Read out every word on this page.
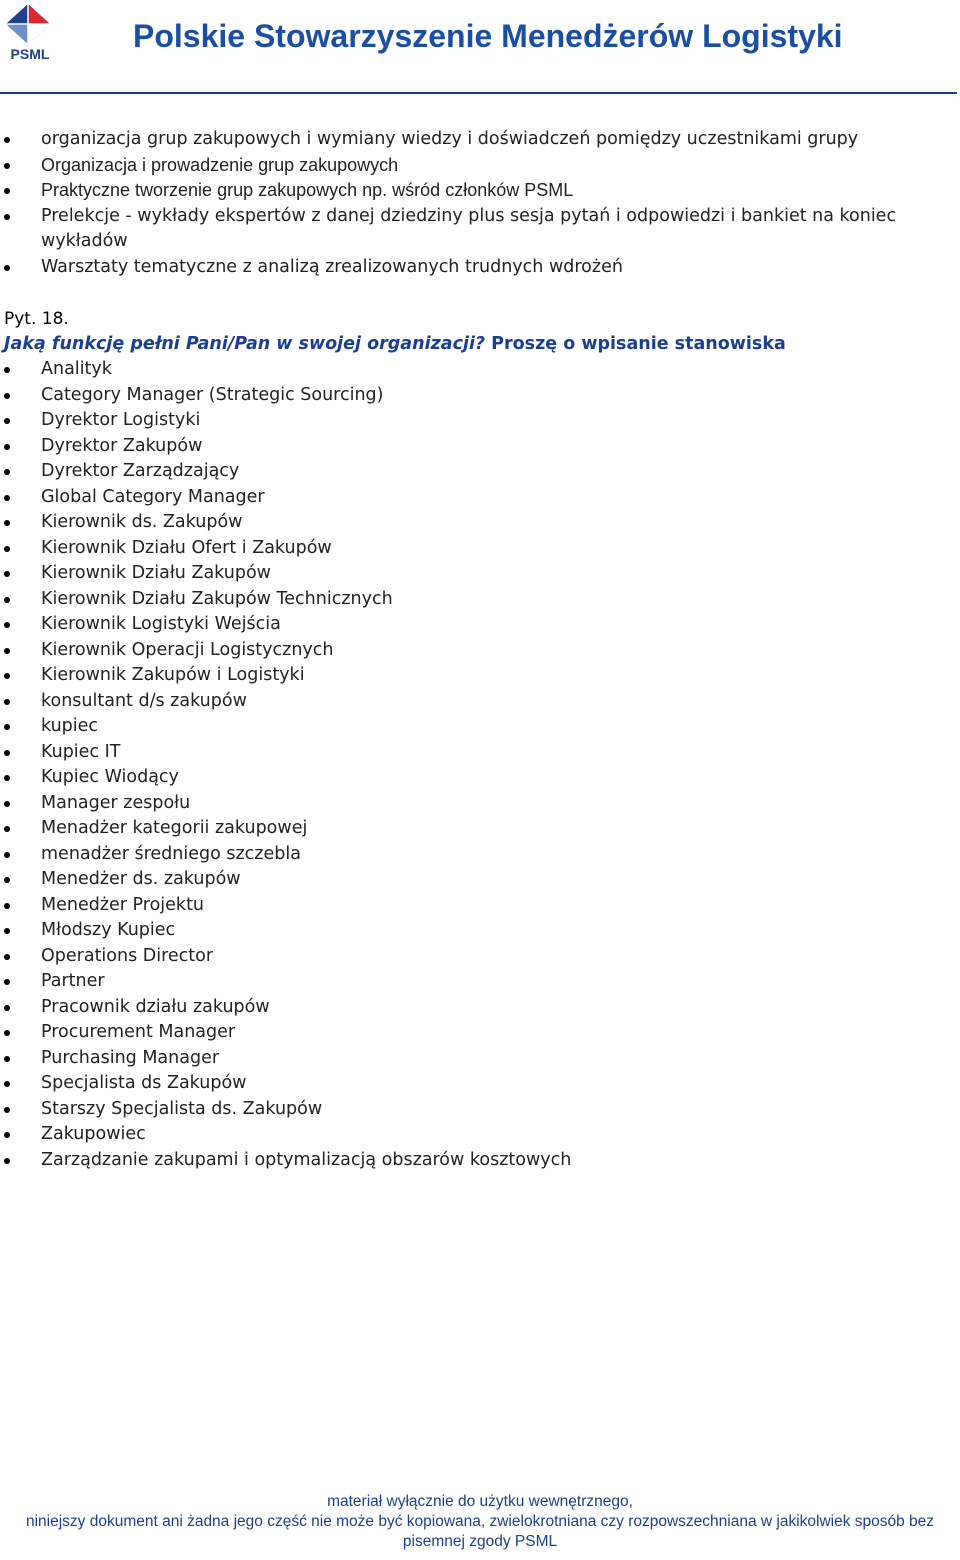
PSML	Polskie Stowarzyszenie Menedżerów Logistyki
organizacja grup zakupowych i wymiany wiedzy i doświadczeń pomiędzy uczestnikami grupy
Organizacja i prowadzenie grup zakupowych
Praktyczne tworzenie grup zakupowych np. wśród członków PSML
Prelekcje - wykłady ekspertów z danej dziedziny plus sesja pytań i odpowiedzi i bankiet na koniec wykładów
Warsztaty tematyczne z analizą zrealizowanych trudnych wdrożeń
Pyt. 18.
Jaką funkcję pełni Pani/Pan w swojej organizacji? Proszę o wpisanie stanowiska
Analityk
Category Manager (Strategic Sourcing)
Dyrektor Logistyki
Dyrektor Zakupów
Dyrektor Zarządzający
Global Category Manager
Kierownik ds. Zakupów
Kierownik Działu Ofert i Zakupów
Kierownik Działu Zakupów
Kierownik Działu Zakupów Technicznych
Kierownik Logistyki Wejścia
Kierownik Operacji Logistycznych
Kierownik Zakupów i Logistyki
konsultant d/s zakupów
kupiec
Kupiec IT
Kupiec Wiodący
Manager zespołu
Menadżer kategorii zakupowej
menadżer średniego szczebla
Menedżer ds. zakupów
Menedżer Projektu
Młodszy Kupiec
Operations Director
Partner
Pracownik działu zakupów
Procurement Manager
Purchasing Manager
Specjalista ds Zakupów
Starszy Specjalista ds. Zakupów
Zakupowiec
Zarządzanie zakupami i optymalizacją obszarów kosztowych
materiał wyłącznie do użytku wewnętrznego,
niniejszy dokument ani żadna jego część nie może być kopiowana, zwielokrotniana czy rozpowszechniana w jakikolwiek sposób bez
pisemnej zgody PSML
